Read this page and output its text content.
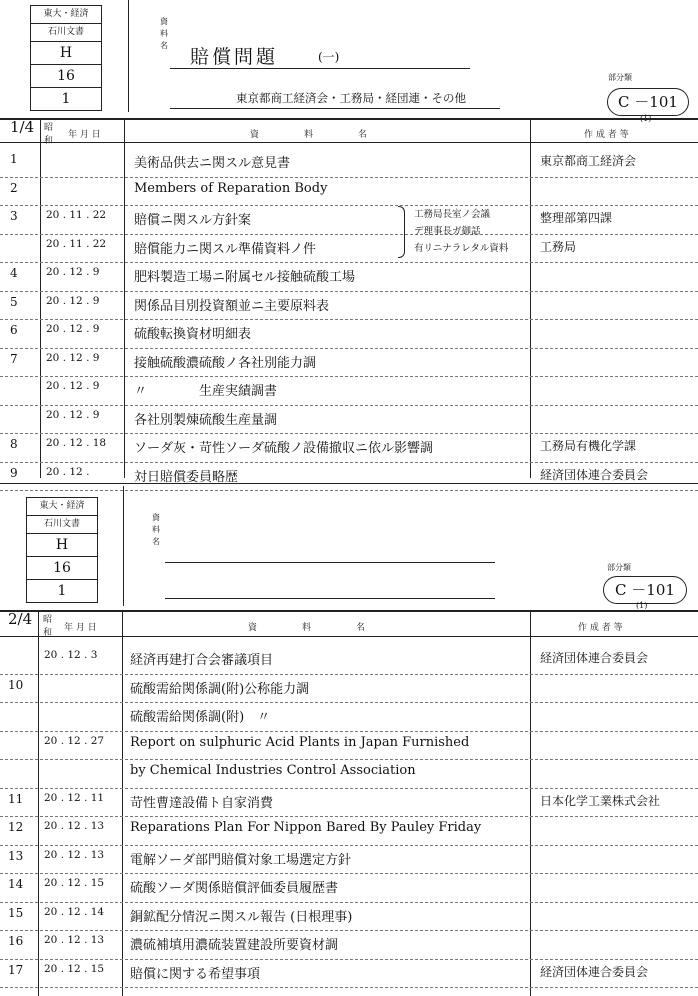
東大・経済
石川文書
H
16
1
資
料
名
賠償問題	(一)
東京都商工経済会・工務局・経団連・その他
部分類
C －101
(1)
1/4 昭 和
年 月 日	資　　　　　料　　　　　名	作 成 者 等
1	美術品供去ニ関スル意見書	東京都商工経済会
2	Members of Reparation Body
3	20 . 11 . 22 賠償ニ関スル方針案	整理部第四課
20 . 11 . 22 賠償能力ニ関スル準備資料ノ件	工務局
4	20 . 12 . 9	肥料製造工場ニ附属セル接触硫酸工場
5	20 . 12 . 9	関係品目別投資額並ニ主要原料表
6	20 . 12 . 9	硫酸転換資材明細表
7	20 . 12 . 9	接触硫酸濃硫酸ノ各社別能力調
20 . 12 . 9	〃　　　　生産実績調書
20 . 12 . 9	各社別製煉硫酸生産量調
8	20 . 12 . 18 ソーダ灰・苛性ソーダ硫酸ノ設備撤収ニ依ル影響調	工務局有機化学課
9	20 . 12 .	対日賠償委員略歴	経済団体連合委員会
工務局長室ノ会議
デ理事長ガ御話
有リニナラレタル資料
東大・経済
石川文書
H
16
1
資
料
名
部分類
C －101
(1)
2/4 昭 和	年 月 日	資　　　　　料　　　　　名	作 成 者 等
20 . 12 . 3	経済再建打合会審議項目	経済団体連合委員会
10	硫酸需給関係調(附)公称能力調
硫酸需給関係調(附)　〃
20 . 12 . 27 Report on sulphuric Acid Plants in Japan Furnished
by Chemical Industries Control Association
11 20 . 12 . 11 苛性曹達設備ト自家消費	日本化学工業株式会社
12 20 . 12 . 13 Reparations Plan For Nippon Bared By Pauley Friday
13 20 . 12 . 13 電解ソーダ部門賠償対象工場選定方針
14 20 . 12 . 15 硫酸ソーダ関係賠償評価委員履歴書
15 20 . 12 . 14 銅鉱配分情況ニ関スル報告 (日根理事)
16 20 . 12 . 13 濃硫補填用濃硫装置建設所要資材調
17 20 . 12 . 15 賠償に関する希望事項	経済団体連合委員会
